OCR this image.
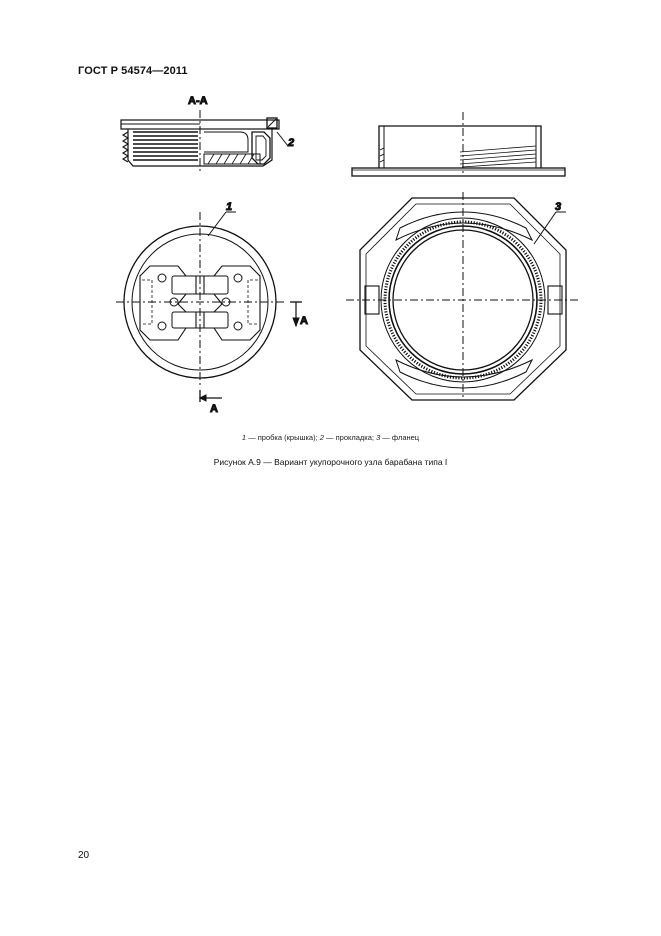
ГОСТ Р 54574—2011
А-А
2
1
А
А
3
1 — пробка (крышка); 2 — прокладка; 3 — фланец
Рисунок А.9 — Вариант укупорочного узла барабана типа I
20
